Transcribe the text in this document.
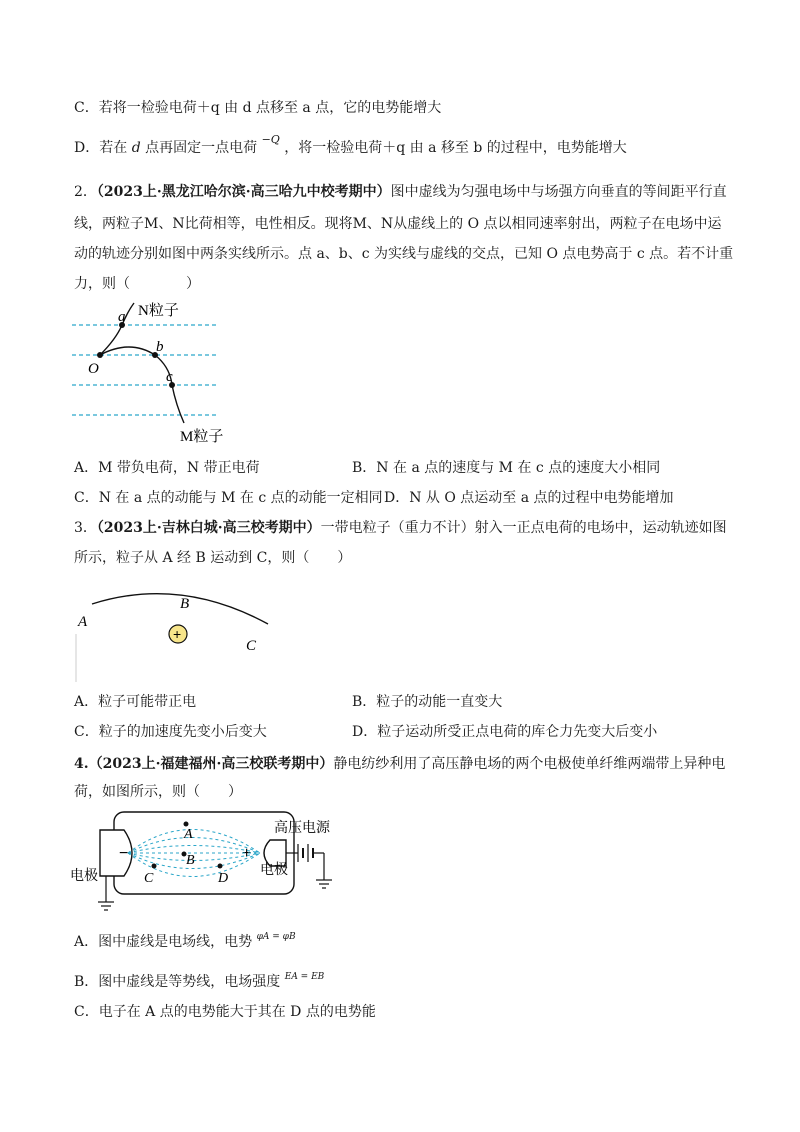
C．若将一检验电荷＋q 由 d 点移至 a 点，它的电势能增大
D．若在 d 点再固定一点电荷 $^{-Q}$ ，将一检验电荷＋q 由 a 移至 b 的过程中，电势能增大
2．（2023上·黑龙江哈尔滨·高三哈九中校考期中）图中虚线为匀强电场中与场强方向垂直的等间距平行直
线，两粒子M、N比荷相等，电性相反。现将M、N从虚线上的 O 点以相同速率射出，两粒子在电场中运
动的轨迹分别如图中两条实线所示。点 a、b、c 为实线与虚线的交点，已知 O 点电势高于 c 点。若不计重
力，则（　　　　）
a
b
c
O
N粒子
M粒子
A．M 带负电荷，N 带正电荷	B．N 在 a 点的速度与 M 在 c 点的速度大小相同
C．N 在 a 点的动能与 M 在 c 点的动能一定相同 D．N 从 O 点运动至 a 点的过程中电势能增加
3．（2023上·吉林白城·高三校考期中）一带电粒子（重力不计）射入一正点电荷的电场中，运动轨迹如图
所示，粒子从 A 经 B 运动到 C，则（　　）
+
A
B
C
A．粒子可能带正电	B．粒子的动能一直变大
C．粒子的加速度先变小后变大	D．粒子运动所受正点电荷的库仑力先变大后变小
4.（2023上·福建福州·高三校联考期中）静电纺纱利用了高压静电场的两个电极使单纤维两端带上异种电
荷，如图所示，则（　　）
−	+
A
B
C	D
电极	电极
高压电源
A．图中虚线是电场线，电势 $^{\varphi A = \varphi B}$
B．图中虚线是等势线，电场强度 $^{EA = EB}$
C．电子在 A 点的电势能大于其在 D 点的电势能
